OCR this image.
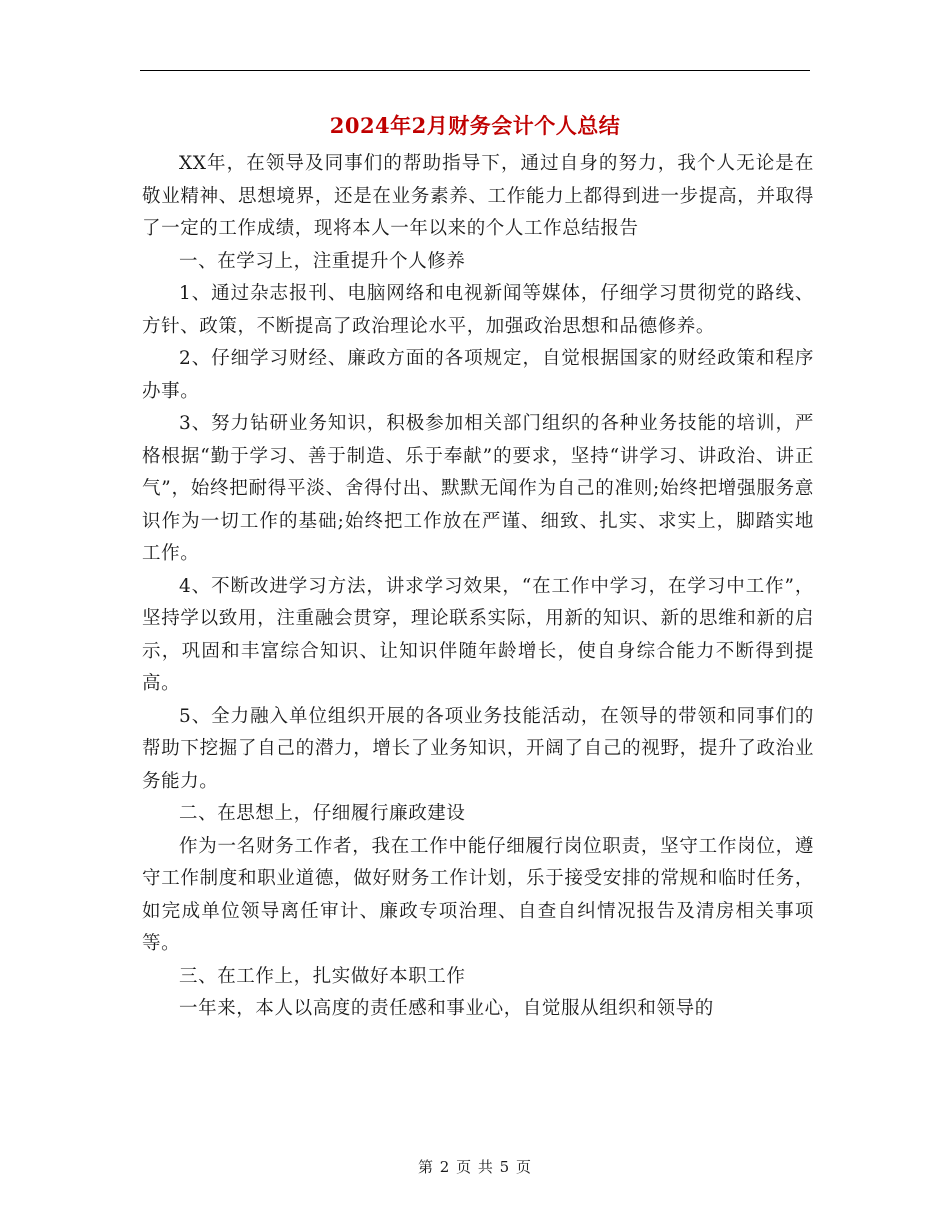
2024年2月财务会计个人总结

XX年，在领导及同事们的帮助指导下，通过自身的努力，我个人无论是在敬业精神、思想境界，还是在业务素养、工作能力上都得到进一步提高，并取得了一定的工作成绩，现将本人一年以来的个人工作总结报告

一、在学习上，注重提升个人修养

1、通过杂志报刊、电脑网络和电视新闻等媒体，仔细学习贯彻党的路线、方针、政策，不断提高了政治理论水平，加强政治思想和品德修养。

2、仔细学习财经、廉政方面的各项规定，自觉根据国家的财经政策和程序办事。

3、努力钻研业务知识，积极参加相关部门组织的各种业务技能的培训，严格根据“勤于学习、善于制造、乐于奉献”的要求，坚持“讲学习、讲政治、讲正气”，始终把耐得平淡、舍得付出、默默无闻作为自己的准则;始终把增强服务意识作为一切工作的基础;始终把工作放在严谨、细致、扎实、求实上，脚踏实地工作。

4、不断改进学习方法，讲求学习效果，“在工作中学习，在学习中工作”， 坚持学以致用，注重融会贯穿，理论联系实际，用新的知识、新的思维和新的启示，巩固和丰富综合知识、让知识伴随年龄增长，使自身综合能力不断得到提高。

5、全力融入单位组织开展的各项业务技能活动，在领导的带领和同事们的帮助下挖掘了自己的潜力，增长了业务知识，开阔了自己的视野，提升了政治业务能力。

二、在思想上，仔细履行廉政建设

作为一名财务工作者，我在工作中能仔细履行岗位职责，坚守工作岗位，遵守工作制度和职业道德，做好财务工作计划，乐于接受安排的常规和临时任务，如完成单位领导离任审计、廉政专项治理、自查自纠情况报告及清房相关事项等。

三、在工作上，扎实做好本职工作

一年来，本人以高度的责任感和事业心，自觉服从组织和领导的

第 2 页 共 5 页
